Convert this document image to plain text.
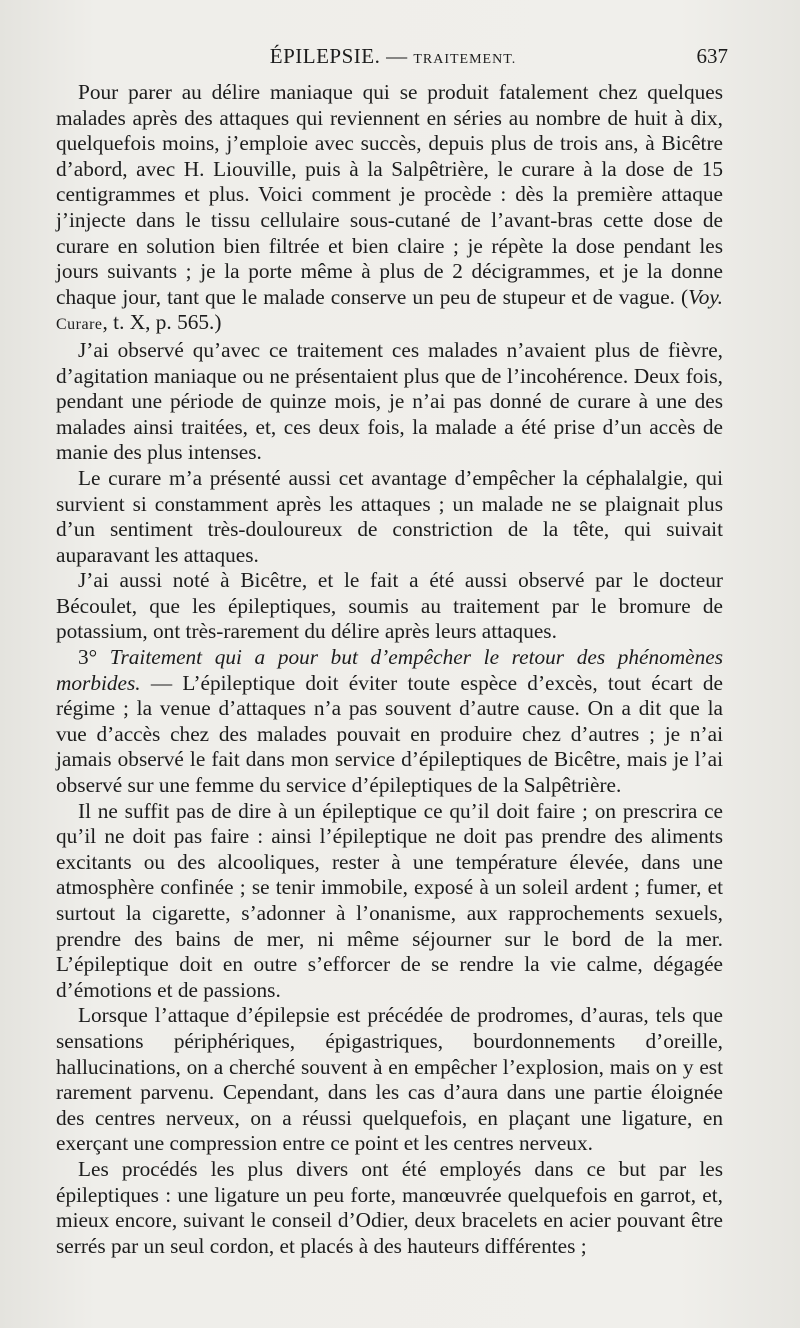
ÉPILEPSIE. — TRAITEMENT.	637

Pour parer au délire maniaque qui se produit fatalement chez quelques malades après des attaques qui reviennent en séries au nombre de huit à dix, quelquefois moins, j’emploie avec succès, depuis plus de trois ans, à Bicêtre d’abord, avec H. Liouville, puis à la Salpêtrière, le curare à la dose de 15 centigrammes et plus. Voici comment je procède : dès la première attaque j’injecte dans le tissu cellulaire sous-cutané de l’avant-bras cette dose de curare en solution bien filtrée et bien claire ; je répète la dose pendant les jours suivants ; je la porte même à plus de 2 décigrammes, et je la donne chaque jour, tant que le malade conserve un peu de stupeur et de vague. (Voy. Curare, t. X, p. 565.)

J’ai observé qu’avec ce traitement ces malades n’avaient plus de fièvre, d’agitation maniaque ou ne présentaient plus que de l’incohérence. Deux fois, pendant une période de quinze mois, je n’ai pas donné de curare à une des malades ainsi traitées, et, ces deux fois, la malade a été prise d’un accès de manie des plus intenses.

Le curare m’a présenté aussi cet avantage d’empêcher la céphalalgie, qui survient si constamment après les attaques ; un malade ne se plaignait plus d’un sentiment très-douloureux de constriction de la tête, qui suivait auparavant les attaques.

J’ai aussi noté à Bicêtre, et le fait a été aussi observé par le docteur Bécoulet, que les épileptiques, soumis au traitement par le bromure de potassium, ont très-rarement du délire après leurs attaques.

3° Traitement qui a pour but d’empêcher le retour des phénomènes morbides. — L’épileptique doit éviter toute espèce d’excès, tout écart de régime ; la venue d’attaques n’a pas souvent d’autre cause. On a dit que la vue d’accès chez des malades pouvait en produire chez d’autres ; je n’ai jamais observé le fait dans mon service d’épileptiques de Bicêtre, mais je l’ai observé sur une femme du service d’épileptiques de la Salpêtrière.

Il ne suffit pas de dire à un épileptique ce qu’il doit faire ; on prescrira ce qu’il ne doit pas faire : ainsi l’épileptique ne doit pas prendre des aliments excitants ou des alcooliques, rester à une température élevée, dans une atmosphère confinée ; se tenir immobile, exposé à un soleil ardent ; fumer, et surtout la cigarette, s’adonner à l’onanisme, aux rapprochements sexuels, prendre des bains de mer, ni même séjourner sur le bord de la mer. L’épileptique doit en outre s’efforcer de se rendre la vie calme, dégagée d’émotions et de passions.

Lorsque l’attaque d’épilepsie est précédée de prodromes, d’auras, tels que sensations périphériques, épigastriques, bourdonnements d’oreille, hallucinations, on a cherché souvent à en empêcher l’explosion, mais on y est rarement parvenu. Cependant, dans les cas d’aura dans une partie éloignée des centres nerveux, on a réussi quelquefois, en plaçant une ligature, en exerçant une compression entre ce point et les centres nerveux.

Les procédés les plus divers ont été employés dans ce but par les épileptiques : une ligature un peu forte, manœuvrée quelquefois en garrot, et, mieux encore, suivant le conseil d’Odier, deux bracelets en acier pouvant être serrés par un seul cordon, et placés à des hauteurs différentes ;
